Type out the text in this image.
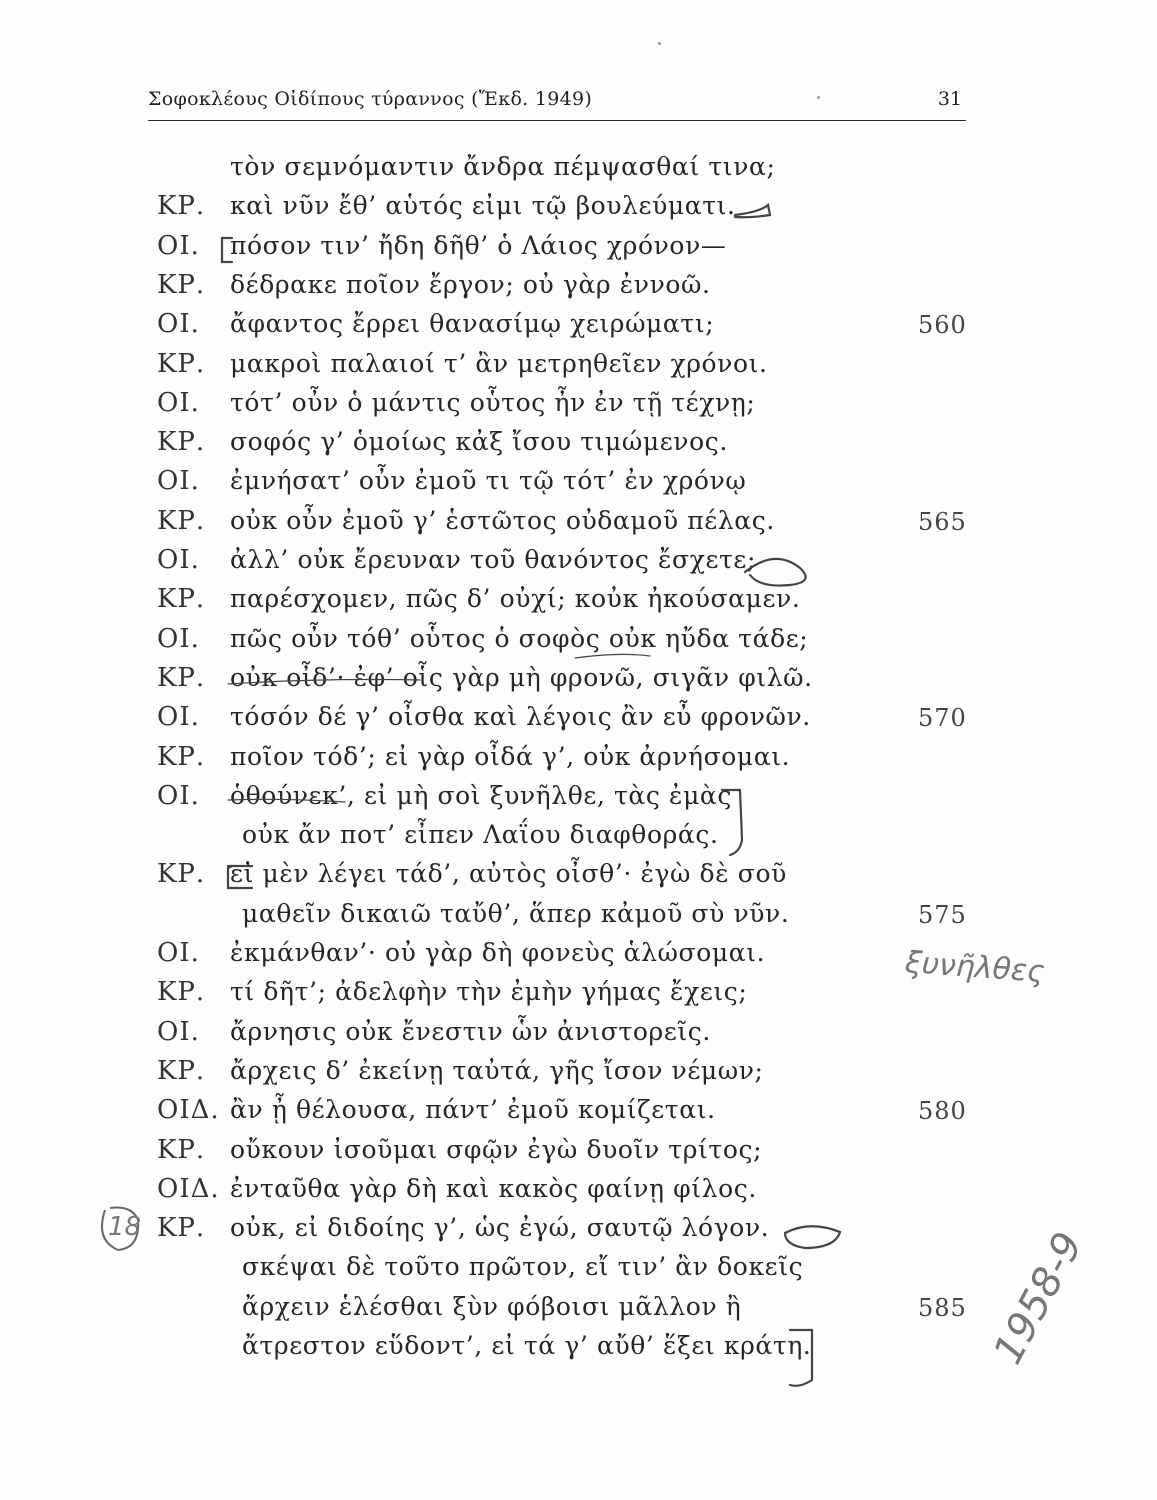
Σοφοκλέους Οἰδίπους τύραννος (Ἔκδ. 1949)	31
τὸν σεμνόμαντιν ἄνδρα πέμψασθαί τινα;
ΚΡ. καὶ νῦν ἔθ’ αὑτός εἰμι τῷ βουλεύματι.
ΟΙ. πόσον τιν’ ἤδη δῆθ’ ὁ Λάιος χρόνον—
ΚΡ. δέδρακε ποῖον ἔργον; οὐ γὰρ ἐννοῶ.
ΟΙ. ἄφαντος ἔρρει θανασίμῳ χειρώματι;	560
ΚΡ. μακροὶ παλαιοί τ’ ἂν μετρηθεῖεν χρόνοι.
ΟΙ. τότ’ οὖν ὁ μάντις οὗτος ἦν ἐν τῇ τέχνῃ;
ΚΡ. σοφός γ’ ὁμοίως κἀξ ἴσου τιμώμενος.
ΟΙ. ἐμνήσατ’ οὖν ἐμοῦ τι τῷ τότ’ ἐν χρόνῳ
ΚΡ. οὐκ οὖν ἐμοῦ γ’ ἑστῶτος οὐδαμοῦ πέλας.	565
ΟΙ. ἀλλ’ οὐκ ἔρευναν τοῦ θανόντος ἔσχετε;
ΚΡ. παρέσχομεν, πῶς δ’ οὐχί; κοὐκ ἠκούσαμεν.
ΟΙ. πῶς οὖν τόθ’ οὗτος ὁ σοφὸς οὐκ ηὔδα τάδε;
ΚΡ. οὐκ οἶδ’· ἐφ’ οἷς γὰρ μὴ φρονῶ, σιγᾶν φιλῶ.
ΟΙ. τόσόν δέ γ’ οἶσθα καὶ λέγοις ἂν εὖ φρονῶν.	570
ΚΡ. ποῖον τόδ’; εἰ γὰρ οἶδά γ’, οὐκ ἀρνήσομαι.
ΟΙ. ὁθούνεκ’, εἰ μὴ σοὶ ξυνῆλθε, τὰς ἐμὰς
οὐκ ἄν ποτ’ εἶπεν Λαΐου διαφθοράς.
ΚΡ. εἰ μὲν λέγει τάδ’, αὐτὸς οἶσθ’· ἐγὼ δὲ σοῦ
μαθεῖν δικαιῶ ταὔθ’, ἅπερ κἀμοῦ σὺ νῦν.	575
ΟΙ. ἐκμάνθαν’· οὐ γὰρ δὴ φονεὺς ἁλώσομαι.
ΚΡ. τί δῆτ’; ἀδελφὴν τὴν ἐμὴν γήμας ἔχεις;
ΟΙ. ἄρνησις οὐκ ἔνεστιν ὧν ἀνιστορεῖς.
ΚΡ. ἄρχεις δ’ ἐκείνῃ ταὐτά, γῆς ἴσον νέμων;
ΟΙΔ. ἂν ᾖ θέλουσα, πάντ’ ἐμοῦ κομίζεται.	580
ΚΡ. οὔκουν ἰσοῦμαι σφῷν ἐγὼ δυοῖν τρίτος;
ΟΙΔ. ἐνταῦθα γὰρ δὴ καὶ κακὸς φαίνῃ φίλος.
ΚΡ. οὐκ, εἰ διδοίης γ’, ὡς ἐγώ, σαυτῷ λόγον.
σκέψαι δὲ τοῦτο πρῶτον, εἴ τιν’ ἂν δοκεῖς
ἄρχειν ἑλέσθαι ξὺν φόβοισι μᾶλλον ἢ	585
ἄτρεστον εὕδοντ’, εἰ τά γ’ αὔθ’ ἕξει κράτη.
18
ξυνῆλθες
1958-9
